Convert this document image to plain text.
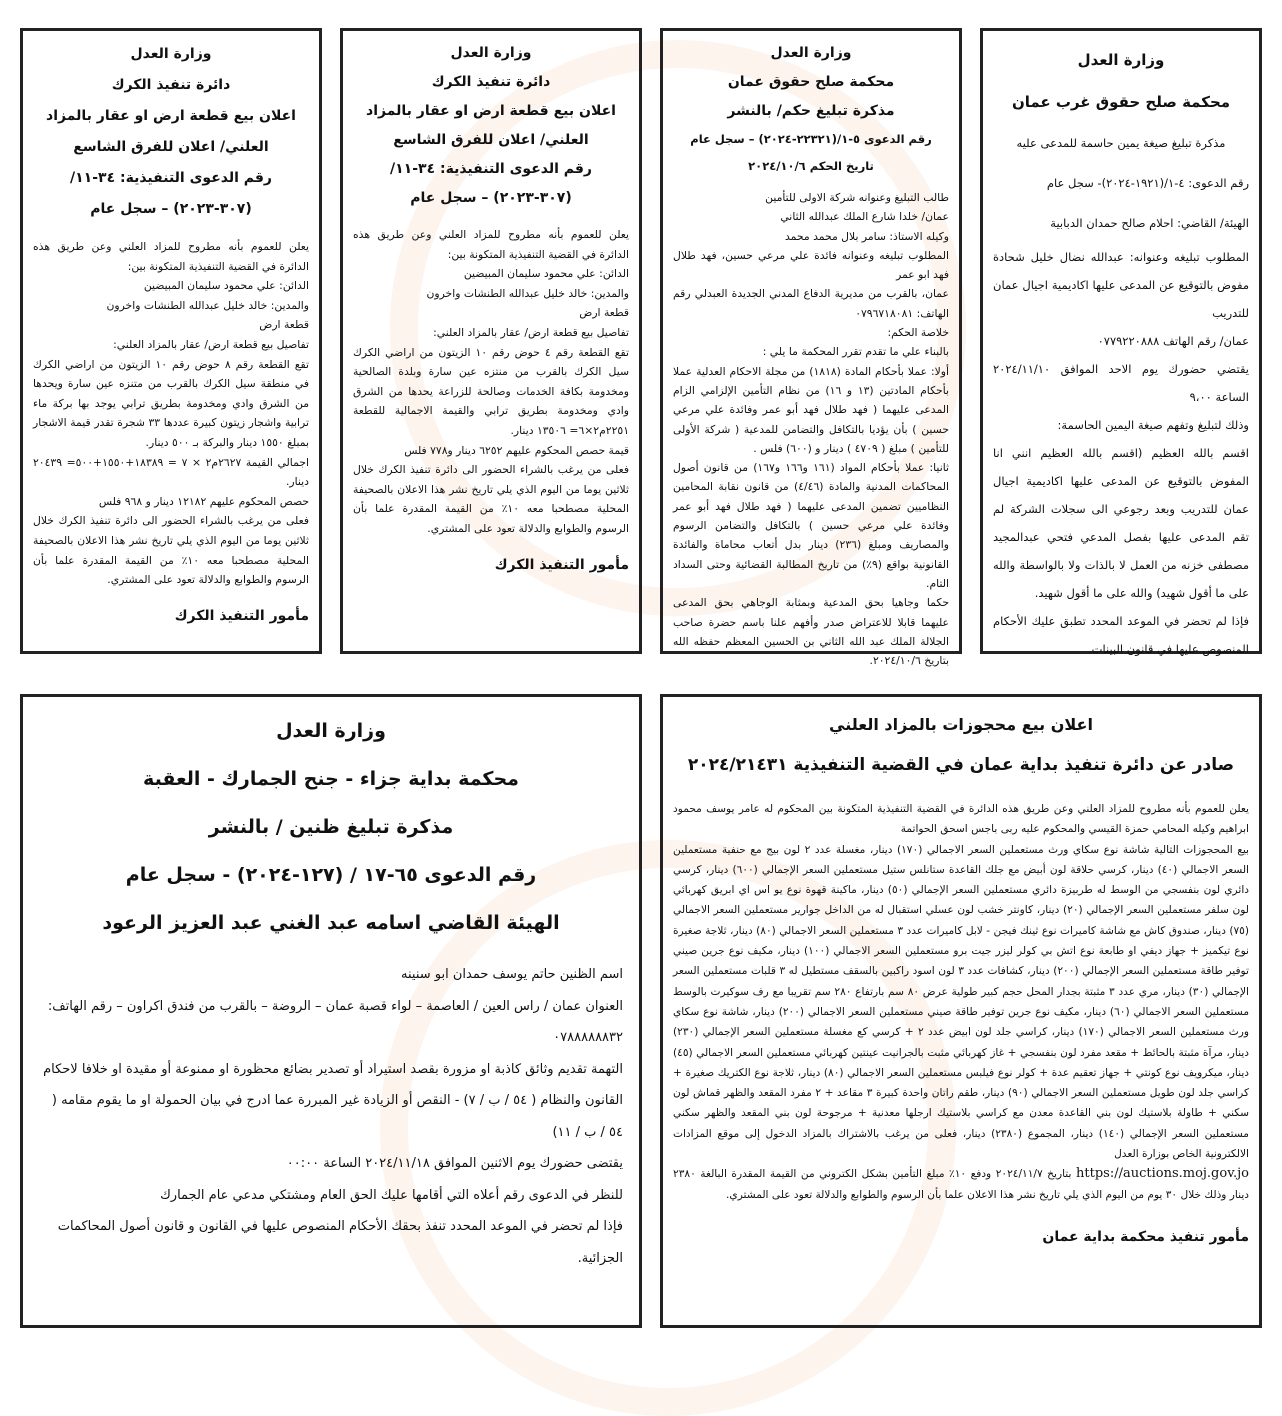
وزارة العدل
محكمة صلح حقوق غرب عمان
مذكرة تبليغ صيغة يمين حاسمة للمدعى عليه
رقم الدعوى: ٤-١/(١٩٢١-٢٠٢٤)- سجل عام
الهيئة/ القاضي: احلام صالح حمدان الدبابية
المطلوب تبليغه وعنوانه: عبدالله نضال خليل شحادة مفوض بالتوقيع عن المدعى عليها اكاديمية اجيال عمان للتدريب
عمان/ رقم الهاتف ٠٧٧٩٢٢٠٨٨٨
يقتضي حضورك يوم الاحد الموافق ٢٠٢٤/١١/١٠ الساعة ٩،٠٠
وذلك لتبليغ وتفهم صيغة اليمين الحاسمة:
اقسم بالله العظيم (اقسم بالله العظيم انني انا المفوض بالتوقيع عن المدعى عليها اكاديمية اجيال عمان للتدريب وبعد رجوعي الى سجلات الشركة لم تقم المدعى عليها بفصل المدعي فتحي عبدالمجيد مصطفى خزنه من العمل لا بالذات ولا بالواسطة والله على ما أقول شهيد) والله على ما أقول شهيد.
فإذا لم تحضر في الموعد المحدد تطبق عليك الأحكام المنصوص عليها في قانون البينات.
وزارة العدل
محكمة صلح حقوق عمان
مذكرة تبليغ حكم/ بالنشر
رقم الدعوى ٥-١/(٢٢٣٢١-٢٠٢٤) – سجل عام
تاريخ الحكم ٢٠٢٤/١٠/٦
طالب التبليغ وعنوانه شركة الاولى للتأمين
عمان/ خلدا شارع الملك عبدالله الثاني
وكيله الاستاذ: سامر بلال محمد محمد
المطلوب تبليغه وعنوانه فائدة علي مرعي حسين، فهد طلال فهد ابو عمر
عمان، بالقرب من مديرية الدفاع المدني الجديدة العبدلي رقم الهاتف: ٠٧٩٦٧١٨٠٨١
خلاصة الحكم:
بالبناء علي ما تقدم تقرر المحكمة ما يلي :
أولا: عملا بأحكام المادة (١٨١٨) من مجلة الاحكام العدلية عملا بأحكام المادتين (١٣ و ١٦) من نظام التأمين الإلزامي الزام المدعى عليهما ( فهد طلال فهد أبو عمر وفائدة علي مرعي حسين ) بأن يؤديا بالتكافل والتضامن للمدعية ( شركة الأولى للتأمين ) مبلغ ( ٤٧٠٩ ) دينار و (٦٠٠) فلس .
ثانيا: عملا بأحكام المواد (١٦١ و١٦٦ و١٦٧) من قانون أصول المحاكمات المدنية والمادة (٤/٤٦) من قانون نقابة المحامين النظاميين تضمين المدعى عليهما ( فهد طلال فهد أبو عمر وفائدة علي مرعي حسين ) بالتكافل والتضامن الرسوم والمصاريف ومبلغ (٢٣٦) دينار بدل أتعاب محاماة والفائدة القانونية بواقع (٩٪) من تاريخ المطالبة القضائية وحتى السداد التام.
حكما وجاهيا بحق المدعية وبمثابة الوجاهي بحق المدعى عليهما قابلا للاعتراض صدر وأفهم علنا باسم حضرة صاحب الجلالة الملك عبد الله الثاني بن الحسين المعظم حفظه الله بتاريخ ٢٠٢٤/١٠/٦.
وزارة العدل
دائرة تنفيذ الكرك
اعلان بيع قطعة ارض او عقار بالمزاد
العلني/ اعلان للفرق الشاسع
رقم الدعوى التنفيذية: ٣٤-١١/
(٣٠٧-٢٠٢٣) – سجل عام
يعلن للعموم بأنه مطروح للمزاد العلني وعن طريق هذه الدائرة في القضية التنفيذية المتكونة بين:
الدائن: علي محمود سليمان المبيضين
والمدين: خالد خليل عبدالله الطنشات واخرون
قطعة ارض
تفاصيل بيع قطعة ارض/ عقار بالمزاد العلني:
تقع القطعة رقم ٤ حوض رقم ١٠ الزيتون من اراضي الكرك سيل الكرك بالقرب من منتزه عين سارة وبلدة الصالحية ومخدومة بكافة الخدمات وصالحة للزراعة يحدها من الشرق وادي ومخدومة بطريق ترابي والقيمة الاجمالية للقطعة ٢٢٥١م٢×٦= ١٣٥٠٦ دينار.
قيمة حصص المحكوم عليهم ٦٢٥٢ دينار و٧٧٨ فلس
فعلى من يرغب بالشراء الحضور الى دائرة تنفيذ الكرك خلال ثلاثين يوما من اليوم الذي يلي تاريخ نشر هذا الاعلان بالصحيفة المحلية مصطحبا معه ١٠٪ من القيمة المقدرة علما بأن الرسوم والطوابع والدلالة تعود على المشتري.
مأمور التنفيذ الكرك
وزارة العدل
دائرة تنفيذ الكرك
اعلان بيع قطعة ارض او عقار بالمزاد
العلني/ اعلان للفرق الشاسع
رقم الدعوى التنفيذية: ٣٤-١١/
(٣٠٧-٢٠٢٣) – سجل عام
يعلن للعموم بأنه مطروح للمزاد العلني وعن طريق هذه الدائرة في القضية التنفيذية المتكونة بين:
الدائن: علي محمود سليمان المبيضين
والمدين: خالد خليل عبدالله الطنشات واخرون
قطعة ارض
تفاصيل بيع قطعة ارض/ عقار بالمزاد العلني:
تقع القطعة رقم ٨ حوض رقم ١٠ الزيتون من اراضي الكرك في منطقة سيل الكرك بالقرب من متنزه عين سارة ويحدها من الشرق وادي ومخدومة بطريق ترابي يوجد بها بركة ماء ترابية واشجار زيتون كبيرة عددها ٣٣ شجرة تقدر قيمة الاشجار بمبلغ ١٥٥٠ دينار والبركة بـ ٥٠٠ دينار.
اجمالي القيمة ٢٦٢٧م٢ × ٧ = ١٨٣٨٩+١٥٥٠+٥٠٠= ٢٠٤٣٩ دينار.
حصص المحكوم عليهم ١٢١٨٢ دينار و ٩٦٨ فلس
فعلى من يرغب بالشراء الحضور الى دائرة تنفيذ الكرك خلال ثلاثين يوما من اليوم الذي يلي تاريخ نشر هذا الاعلان بالصحيفة المحلية مصطحبا معه ١٠٪ من القيمة المقدرة علما بأن الرسوم والطوابع والدلالة تعود على المشتري.
مأمور التنفيذ الكرك
وزارة العدل
محكمة بداية جزاء - جنح الجمارك - العقبة
مذكرة تبليغ ظنين / بالنشر
رقم الدعوى ٦٥-١٧ / (١٢٧-٢٠٢٤) - سجل عام
الهيئة القاضي اسامه عبد الغني عبد العزيز الرعود
اسم الظنين حاتم يوسف حمدان ابو سنينه
العنوان عمان / راس العين / العاصمة – لواء قصبة عمان – الروضة – بالقرب من فندق اكراون – رقم الهاتف: ٠٧٨٨٨٨٨٨٣٢
التهمة تقديم وثائق كاذبة او مزورة بقصد استيراد أو تصدير بضائع محظورة او ممنوعة أو مقيدة او خلافا لاحكام القانون والنظام ( ٥٤ / ب / ٧) - النقص أو الزيادة غير المبررة عما ادرج في بيان الحمولة او ما يقوم مقامه ( ٥٤ / ب / ١١)
يقتضى حضورك يوم الاثنين الموافق ٢٠٢٤/١١/١٨ الساعة ٠٠:٠٠
للنظر في الدعوى رقم أعلاه التي أقامها عليك الحق العام ومشتكي مدعي عام الجمارك
فإذا لم تحضر في الموعد المحدد تنفذ بحقك الأحكام المنصوص عليها في القانون و قانون أصول المحاكمات الجزائية.
اعلان بيع محجوزات بالمزاد العلني
صادر عن دائرة تنفيذ بداية عمان في القضية التنفيذية ٢٠٢٤/٢١٤٣١
يعلن للعموم بأنه مطروح للمزاد العلني وعن طريق هذه الدائرة في القضية التنفيذية المتكونة بين المحكوم له عامر يوسف محمود ابراهيم وكيله المحامي حمزة القيسي والمحكوم عليه ربى باجس اسحق الحواتمة
بيع المحجوزات التالية شاشة نوع سكاي ورث مستعملين السعر الاجمالي (١٧٠) دينار، مغسلة عدد ٢ لون بيج مع حنفية مستعملين السعر الاجمالي (٤٠) دينار، كرسي حلاقة لون أبيض مع جلك القاعدة ستانلس ستيل مستعملين السعر الإجمالي (٦٠٠) دينار، كرسي دائري لون بنفسجي من الوسط له طربيزة دائري مستعملين السعر الإجمالي (٥٠) دينار، ماكينة قهوة نوع يو اس اي ابريق كهربائي لون سلفر مستعملين السعر الإجمالي (٢٠) دينار، كاونتر خشب لون عسلي استقبال له من الداخل جوارير مستعملين السعر الاجمالي (٧٥) دينار، صندوق كاش مع شاشة كاميرات نوع ثينك فيجن - لابل كاميرات عدد ٣ مستعملين السعر الاجمالي (٨٠) دينار، ثلاجة صغيرة نوع تيكميز + جهاز ديفي او طابعة نوع اتش بي كولر ليزر جيت برو مستعملين السعر الاجمالي (١٠٠) دينار، مكيف نوع جرين صيني توفير طاقة مستعملين السعر الإجمالي (٢٠٠) دينار، كشافات عدد ٣ لون اسود راكبين بالسقف مستطيل له ٣ قلبات مستعملين السعر الإجمالي (٣٠) دينار، مري عدد ٣ مثبتة بجدار المحل حجم كبير طولية عرض ٨٠ سم بارتفاع ٢٨٠ سم تقريبا مع رف سوكيرت بالوسط مستعملين السعر الاجمالي (٦٠) دينار، مكيف نوع جرين توفير طاقة صيني مستعملين السعر الاجمالي (٢٠٠) دينار، شاشة نوع سكاي ورث مستعملين السعر الاجمالي (١٧٠) دينار، كراسي جلد لون ابيض عدد ٢ + كرسي كع مغسلة مستعملين السعر الإجمالي (٢٣٠) دينار، مرآة مثبتة بالحائط + مقعد مفرد لون بنفسجي + غاز كهربائي مثبت بالجرانيت عينتين كهربائي مستعملين السعر الاجمالي (٤٥) دينار، ميكرويف نوع كونتي + جهاز تعقيم عدة + كولر نوع فيلبس مستعملين السعر الاجمالي (٨٠) دينار، ثلاجة نوع الكتريك صغيرة + كراسي جلد لون طويل مستعملين السعر الاجمالي (٩٠) دينار، طقم راتان واحدة كبيرة ٣ مقاعد + ٢ مفرد المقعد والظهر قماش لون سكني + طاولة بلاستيك لون بني القاعدة معدن مع كراسي بلاستيك ارجلها معدنية + مرجوحة لون بني المقعد والظهر سكني مستعملين السعر الإجمالي (١٤٠) دينار، المجموع (٢٣٨٠) دينار، فعلى من يرغب بالاشتراك بالمزاد الدخول إلى موقع المزادات الالكترونية الخاص بوزارة العدل
https://auctions.moj.gov.jo بتاريخ ٢٠٢٤/١١/٧ ودفع ١٠٪ مبلغ التأمين بشكل الكتروني من القيمة المقدرة البالغة ٢٣٨٠ دينار وذلك خلال ٣٠ يوم من اليوم الذي يلي تاريخ نشر هذا الاعلان علما بأن الرسوم والطوابع والدلالة تعود على المشتري.
مأمور تنفيذ محكمة بداية عمان
